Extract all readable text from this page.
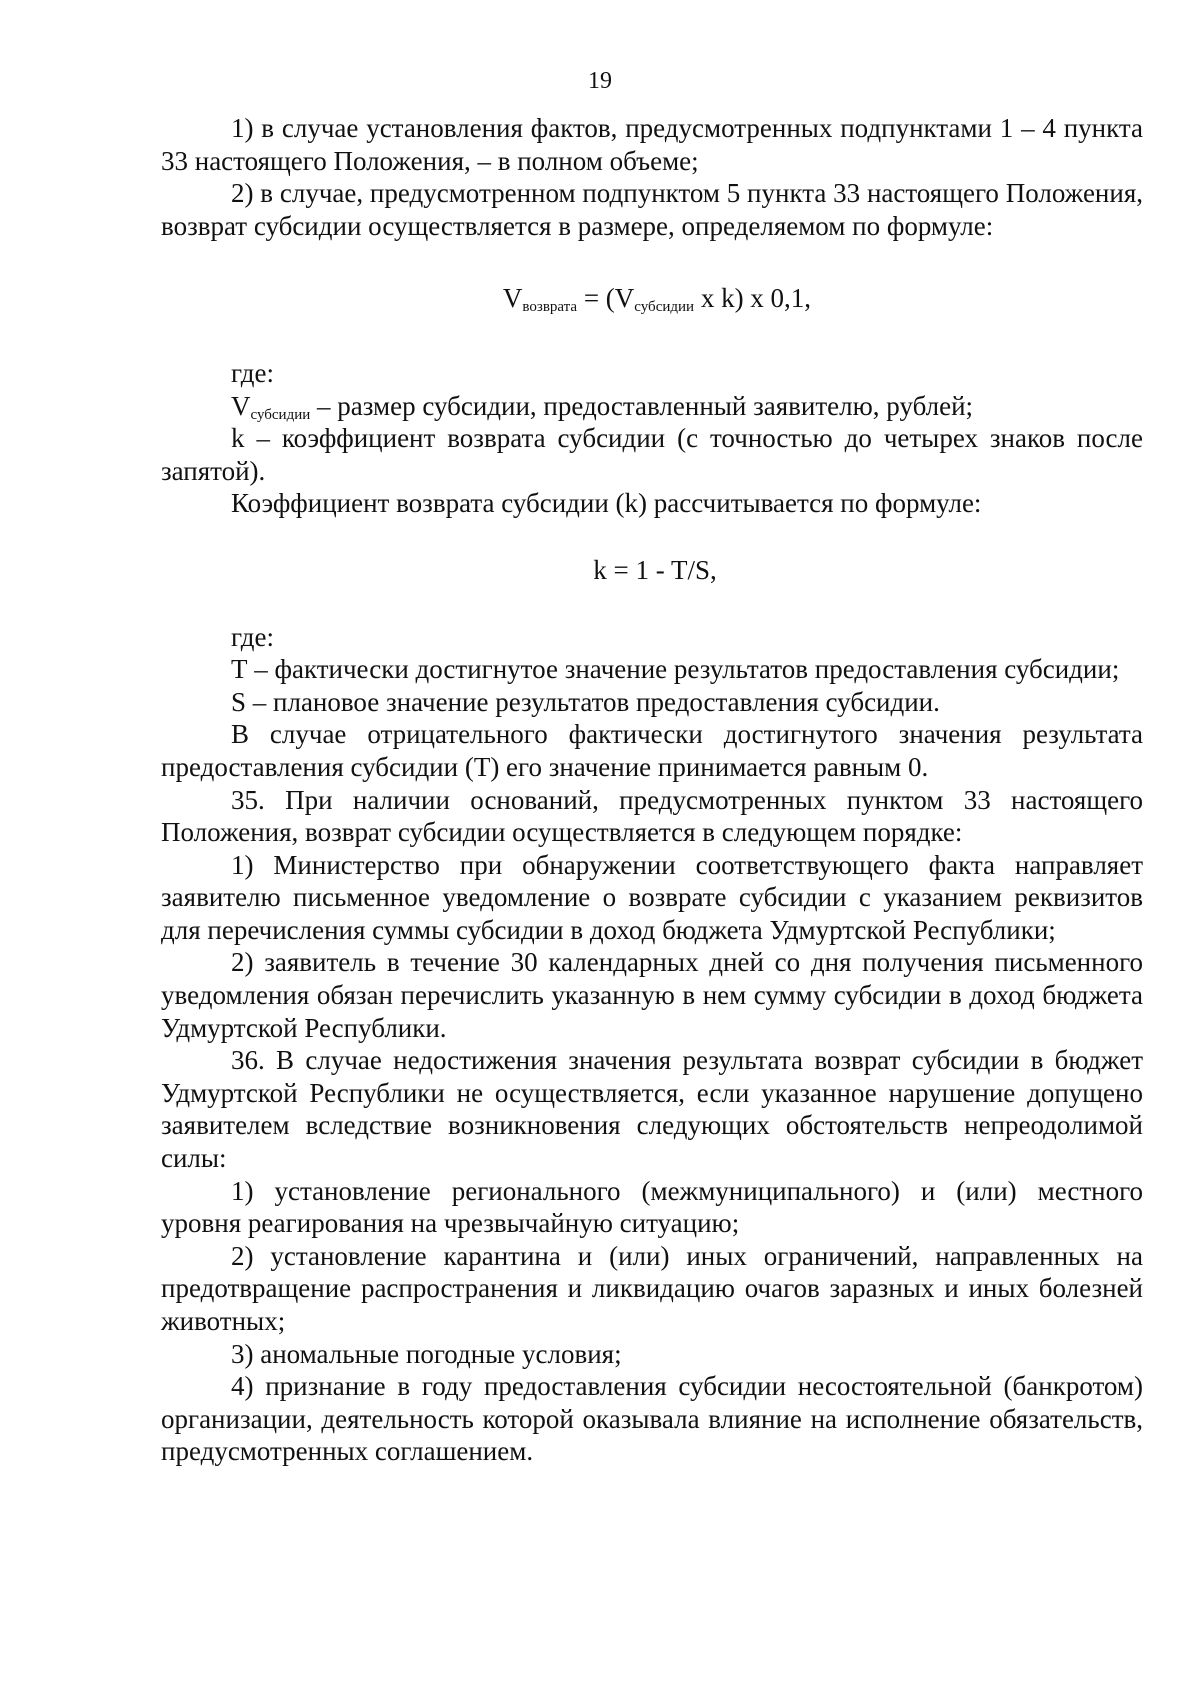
19

1) в случае установления фактов, предусмотренных подпунктами 1 – 4 пункта 33 настоящего Положения, – в полном объеме;

2) в случае, предусмотренном подпунктом 5 пункта 33 настоящего Положения, возврат субсидии осуществляется в размере, определяемом по формуле:

$V_{возврата} = (V_{субсидии}$ x k) x 0,1,

где:

$V_{субсидии}$ – размер субсидии, предоставленный заявителю, рублей;

k – коэффициент возврата субсидии (с точностью до четырех знаков после запятой).

Коэффициент возврата субсидии (k) рассчитывается по формуле:

k = 1 - T/S,

где:

Т – фактически достигнутое значение результатов предоставления субсидии;

S – плановое значение результатов предоставления субсидии.

В случае отрицательного фактически достигнутого значения результата предоставления субсидии (Т) его значение принимается равным 0.

35. При наличии оснований, предусмотренных пунктом 33 настоящего Положения, возврат субсидии осуществляется в следующем порядке:

1) Министерство при обнаружении соответствующего факта направляет заявителю письменное уведомление о возврате субсидии с указанием реквизитов для перечисления суммы субсидии в доход бюджета Удмуртской Республики;

2) заявитель в течение 30 календарных дней со дня получения письменного уведомления обязан перечислить указанную в нем сумму субсидии в доход бюджета Удмуртской Республики.

36. В случае недостижения значения результата возврат субсидии в бюджет Удмуртской Республики не осуществляется, если указанное нарушение допущено заявителем вследствие возникновения следующих обстоятельств непреодолимой силы:

1) установление регионального (межмуниципального) и (или) местного уровня реагирования на чрезвычайную ситуацию;

2) установление карантина и (или) иных ограничений, направленных на предотвращение распространения и ликвидацию очагов заразных и иных болезней животных;

3) аномальные погодные условия;

4) признание в году предоставления субсидии несостоятельной (банкротом) организации, деятельность которой оказывала влияние на исполнение обязательств, предусмотренных соглашением.
